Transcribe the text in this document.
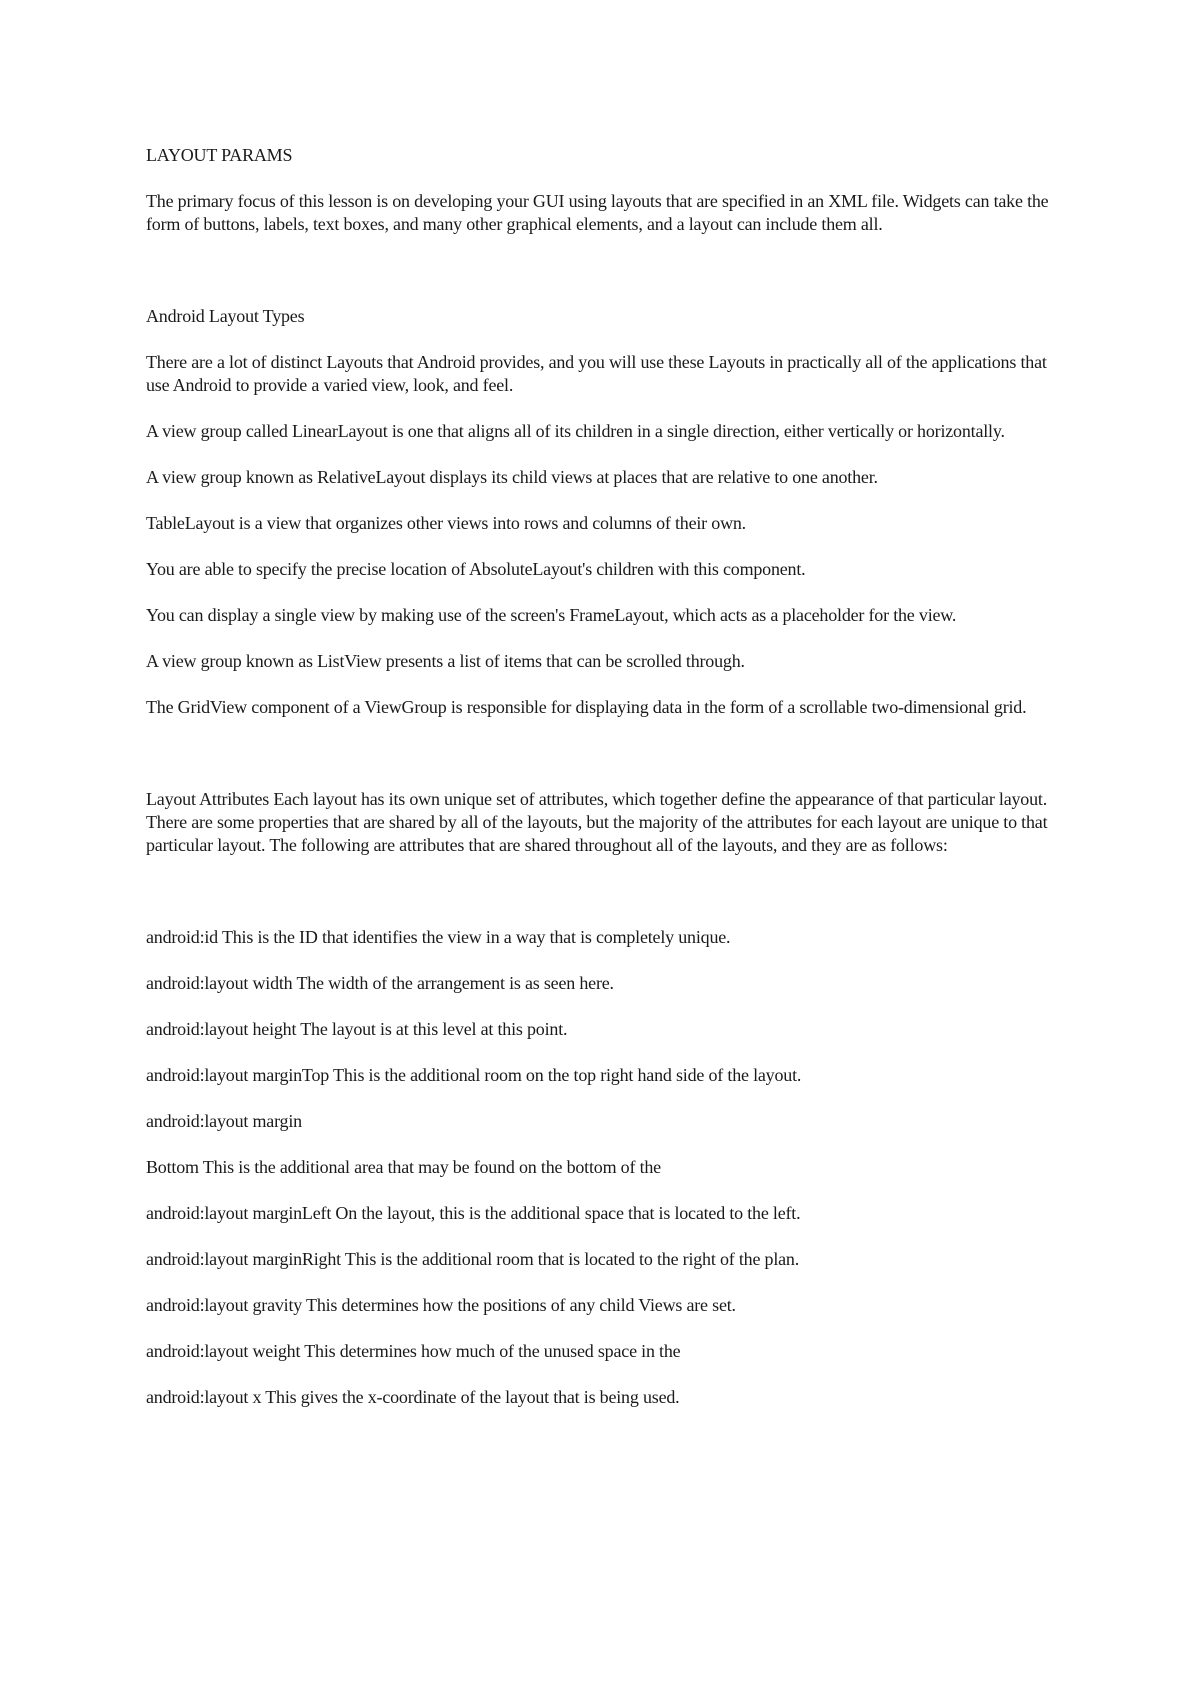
LAYOUT PARAMS

The primary focus of this lesson is on developing your GUI using layouts that are specified in an XML file. Widgets can take the form of buttons, labels, text boxes, and many other graphical elements, and a layout can include them all.

Android Layout Types

There are a lot of distinct Layouts that Android provides, and you will use these Layouts in practically all of the applications that use Android to provide a varied view, look, and feel.

A view group called LinearLayout is one that aligns all of its children in a single direction, either vertically or horizontally.

A view group known as RelativeLayout displays its child views at places that are relative to one another.

TableLayout is a view that organizes other views into rows and columns of their own.

You are able to specify the precise location of AbsoluteLayout's children with this component.

You can display a single view by making use of the screen's FrameLayout, which acts as a placeholder for the view.

A view group known as ListView presents a list of items that can be scrolled through.

The GridView component of a ViewGroup is responsible for displaying data in the form of a scrollable two-dimensional grid.

Layout Attributes Each layout has its own unique set of attributes, which together define the appearance of that particular layout. There are some properties that are shared by all of the layouts, but the majority of the attributes for each layout are unique to that particular layout. The following are attributes that are shared throughout all of the layouts, and they are as follows:

android:id This is the ID that identifies the view in a way that is completely unique.

android:layout width The width of the arrangement is as seen here.

android:layout height The layout is at this level at this point.

android:layout marginTop This is the additional room on the top right hand side of the layout.

android:layout margin

Bottom This is the additional area that may be found on the bottom of the

android:layout marginLeft On the layout, this is the additional space that is located to the left.

android:layout marginRight This is the additional room that is located to the right of the plan.

android:layout gravity This determines how the positions of any child Views are set.

android:layout weight This determines how much of the unused space in the

android:layout x This gives the x-coordinate of the layout that is being used.
